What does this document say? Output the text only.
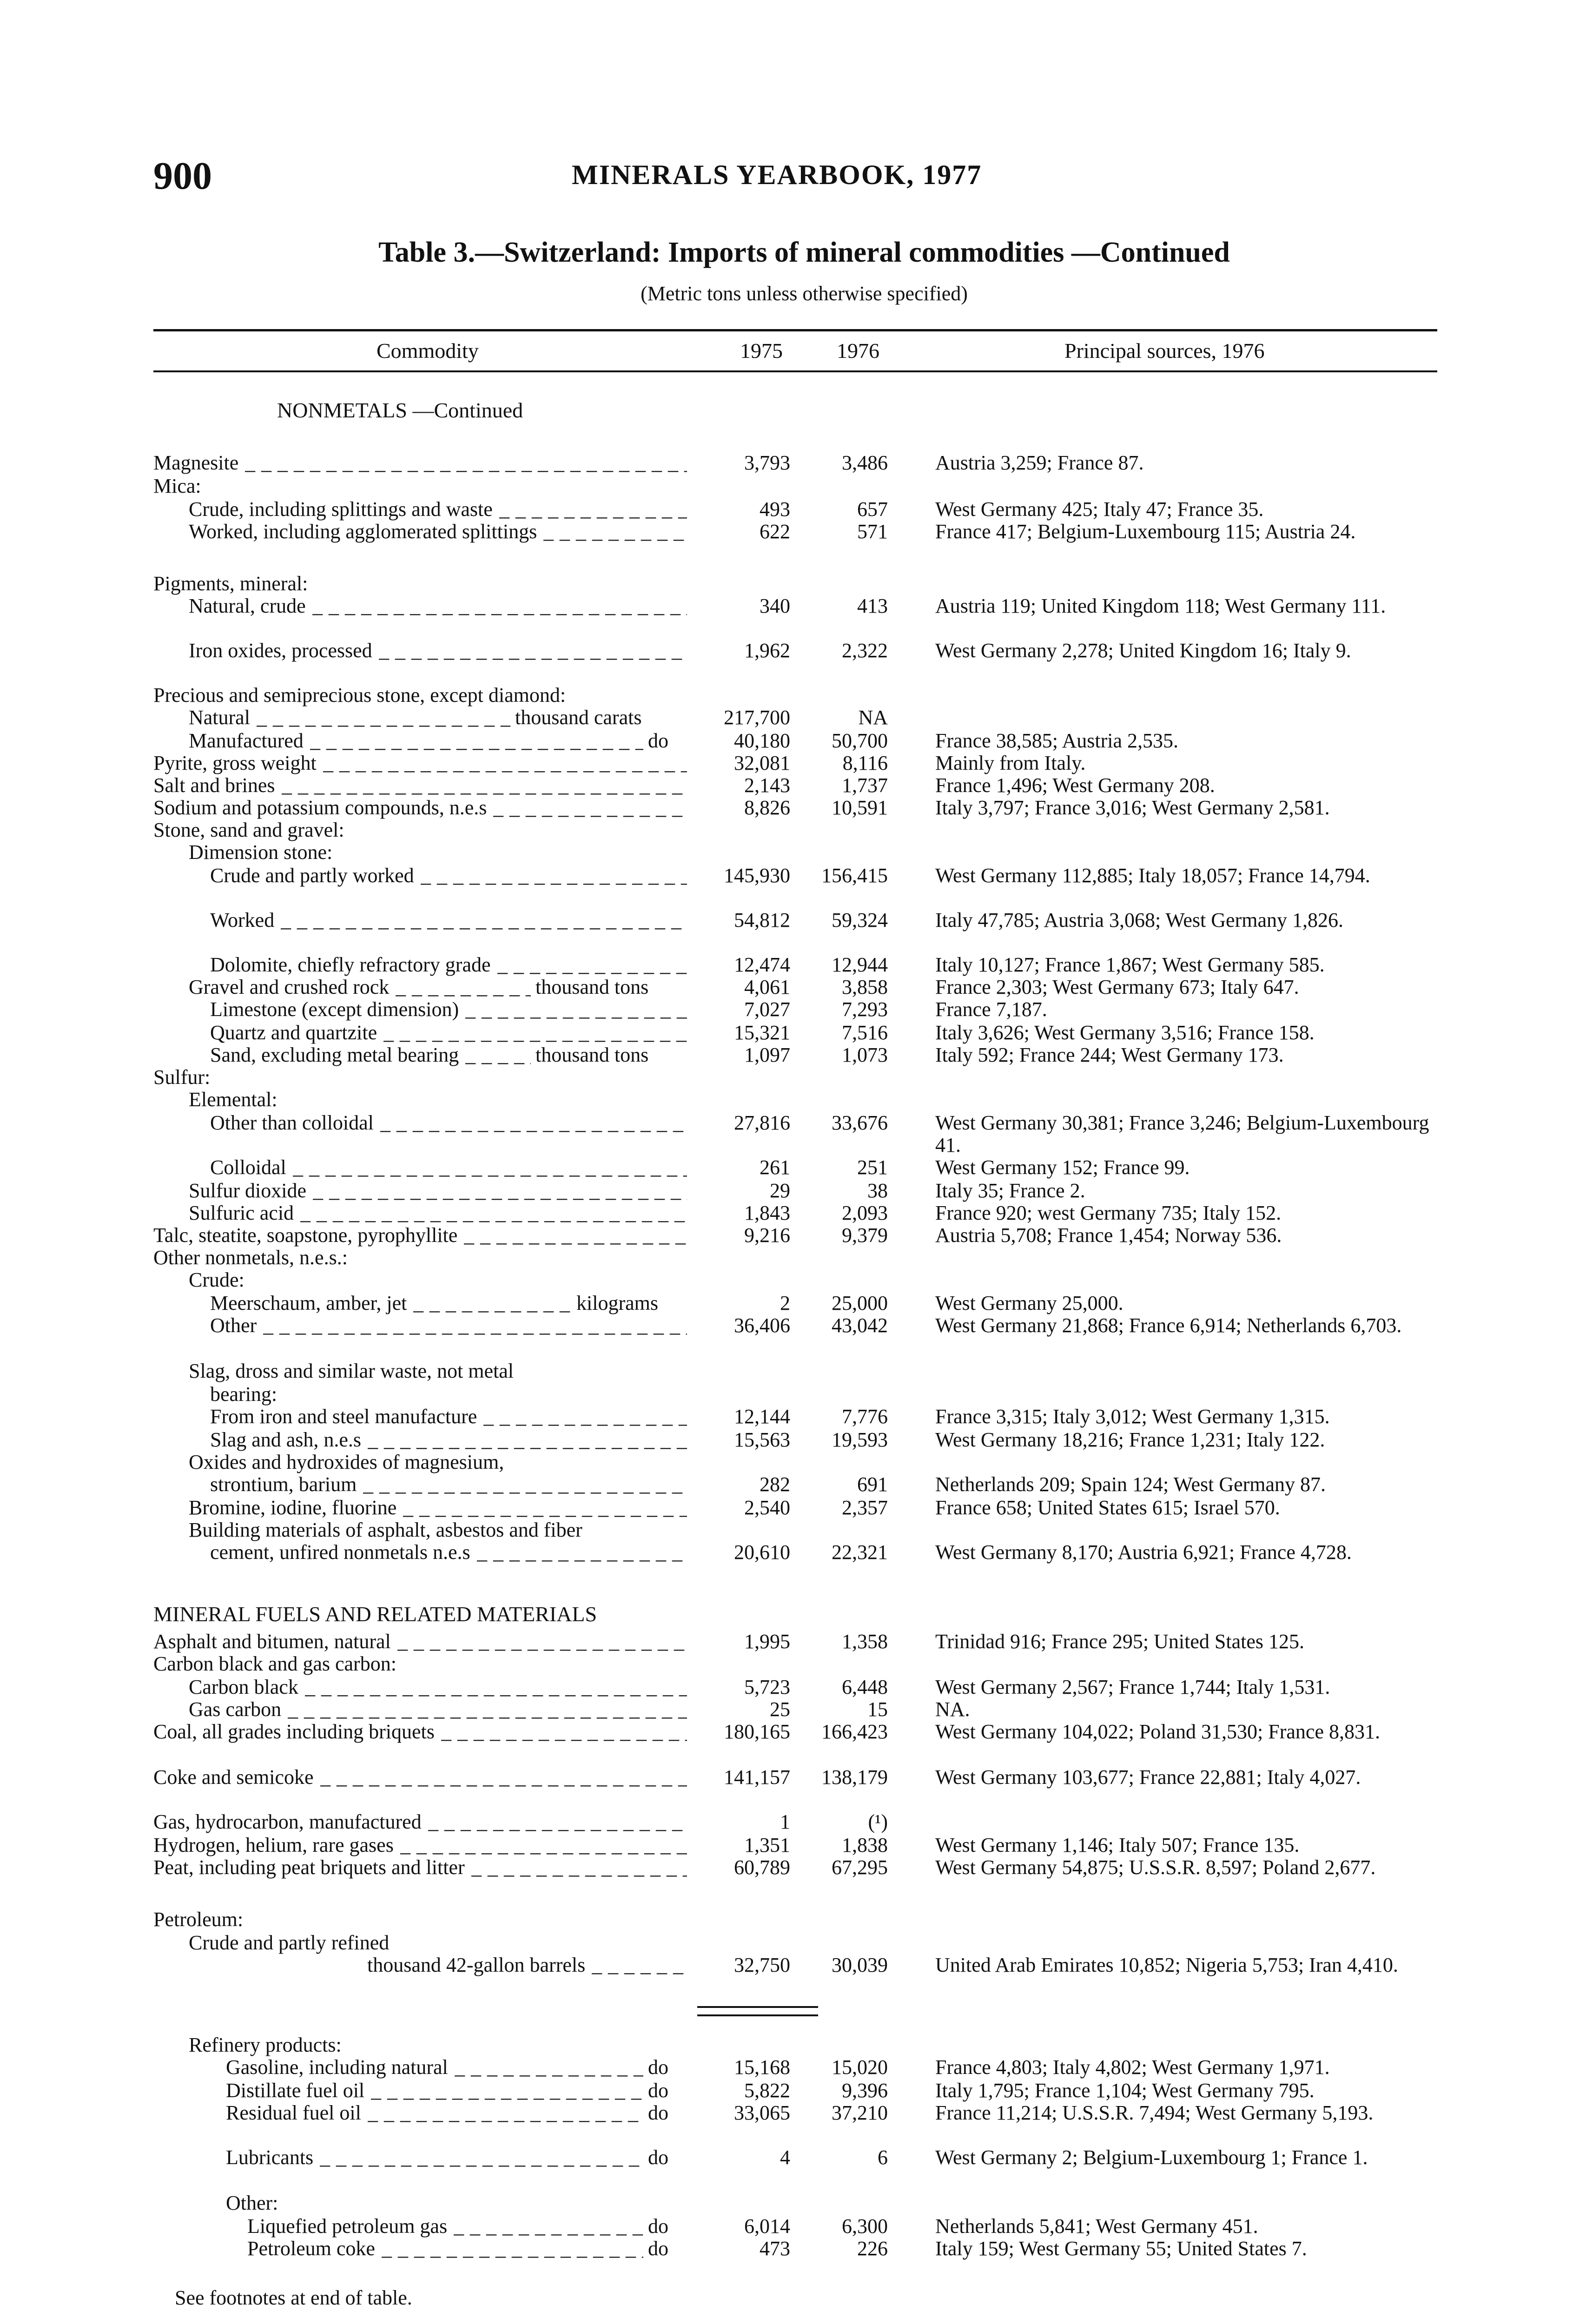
900	MINERALS YEARBOOK, 1977
Table 3.—Switzerland: Imports of mineral commodities —Continued
(Metric tons unless otherwise specified)
Commodity	1975	1976	Principal sources, 1976
NONMETALS —Continued
MINERAL FUELS AND RELATED MATERIALS
Magnesite _ _ _	3,793	3,486 Austria 3,259; France 87.
Mica:
Crude, including splittings and waste _ _ _	493	657 West Germany 425; Italy 47; France 35.
Worked, including agglomerated splittings _ _ _	622	571 France 417; Belgium-Luxembourg 115; Austria 24.
Pigments, mineral:
Natural, crude _ _ _	340	413 Austria 119; United Kingdom 118; West Germany 111.
Iron oxides, processed _ _ _	1,962	2,322 West Germany 2,278; United Kingdom 16; Italy 9.
Precious and semiprecious stone, except diamond:
Natural	thousand carats _ _ _	217,700	NA
Manufactured	do _ _ _	40,180 50,700 France 38,585; Austria 2,535.
Pyrite, gross weight _ _ _	32,081	8,116 Mainly from Italy.
Salt and brines _ _ _	2,143	1,737 France 1,496; West Germany 208.
Sodium and potassium compounds, n.e.s _ _ _	8,826 10,591 Italy 3,797; France 3,016; West Germany 2,581.
Stone, sand and gravel:
Dimension stone:
Crude and partly worked _ _ _	145,930 156,415 West Germany 112,885; Italy 18,057; France 14,794.
Worked _ _ _	54,812 59,324 Italy 47,785; Austria 3,068; West Germany 1,826.
Dolomite, chiefly refractory grade _ _ _	12,474 12,944 Italy 10,127; France 1,867; West Germany 585.
Gravel and crushed rock	thousand tons _ _ _	4,061	3,858 France 2,303; West Germany 673; Italy 647.
Limestone (except dimension) _ _ _	7,027	7,293 France 7,187.
Quartz and quartzite _ _ _	15,321	7,516 Italy 3,626; West Germany 3,516; France 158.
Sand, excluding metal bearing	thousand tons _ _ _	1,097	1,073 Italy 592; France 244; West Germany 173.
Sulfur:
Elemental:
Other than colloidal _ _ _	27,816 33,676 West Germany 30,381; France 3,246; Belgium-Luxembourg 41.
Colloidal _ _ _	261	251 West Germany 152; France 99.
Sulfur dioxide _ _ _	29	38 Italy 35; France 2.
Sulfuric acid _ _ _	1,843	2,093 France 920; west Germany 735; Italy 152.
Talc, steatite, soapstone, pyrophyllite _ _ _	9,216	9,379 Austria 5,708; France 1,454; Norway 536.
Other nonmetals, n.e.s.:
Crude:
Meerschaum, amber, jet	kilograms _ _ _	2 25,000 West Germany 25,000.
Other _ _ _	36,406 43,042 West Germany 21,868; France 6,914; Netherlands 6,703.
Slag, dross and similar waste, not metal
bearing:
From iron and steel manufacture _ _ _	12,144	7,776 France 3,315; Italy 3,012; West Germany 1,315.
Slag and ash, n.e.s _ _ _	15,563 19,593 West Germany 18,216; France 1,231; Italy 122.
Oxides and hydroxides of magnesium,
strontium, barium _ _ _	282	691 Netherlands 209; Spain 124; West Germany 87.
Bromine, iodine, fluorine _ _ _	2,540	2,357 France 658; United States 615; Israel 570.
Building materials of asphalt, asbestos and fiber
cement, unfired nonmetals n.e.s _ _ _	20,610 22,321 West Germany 8,170; Austria 6,921; France 4,728.
Asphalt and bitumen, natural _ _ _	1,995	1,358 Trinidad 916; France 295; United States 125.
Carbon black and gas carbon:
Carbon black _ _ _	5,723	6,448 West Germany 2,567; France 1,744; Italy 1,531.
Gas carbon _ _ _	25	15 NA.
Coal, all grades including briquets _ _ _	180,165 166,423 West Germany 104,022; Poland 31,530; France 8,831.
Coke and semicoke _ _ _	141,157 138,179 West Germany 103,677; France 22,881; Italy 4,027.
Gas, hydrocarbon, manufactured _ _ _	1	(¹)
Hydrogen, helium, rare gases _ _ _	1,351	1,838 West Germany 1,146; Italy 507; France 135.
Peat, including peat briquets and litter _ _ _	60,789 67,295 West Germany 54,875; U.S.S.R. 8,597; Poland 2,677.
Petroleum:
Crude and partly refined
thousand 42-gallon barrels _ _ _	32,750 30,039 United Arab Emirates 10,852; Nigeria 5,753; Iran 4,410.
Refinery products:
Gasoline, including natural	do _ _ _	15,168 15,020 France 4,803; Italy 4,802; West Germany 1,971.
Distillate fuel oil	do _ _ _	5,822	9,396 Italy 1,795; France 1,104; West Germany 795.
Residual fuel oil	do _ _ _	33,065 37,210 France 11,214; U.S.S.R. 7,494; West Germany 5,193.
Lubricants	do _ _ _	4	6 West Germany 2; Belgium-Luxembourg 1; France 1.
Other:
Liquefied petroleum gas	do _ _ _	6,014	6,300 Netherlands 5,841; West Germany 451.
Petroleum coke	do _ _ _	473	226 Italy 159; West Germany 55; United States 7.
See footnotes at end of table.
